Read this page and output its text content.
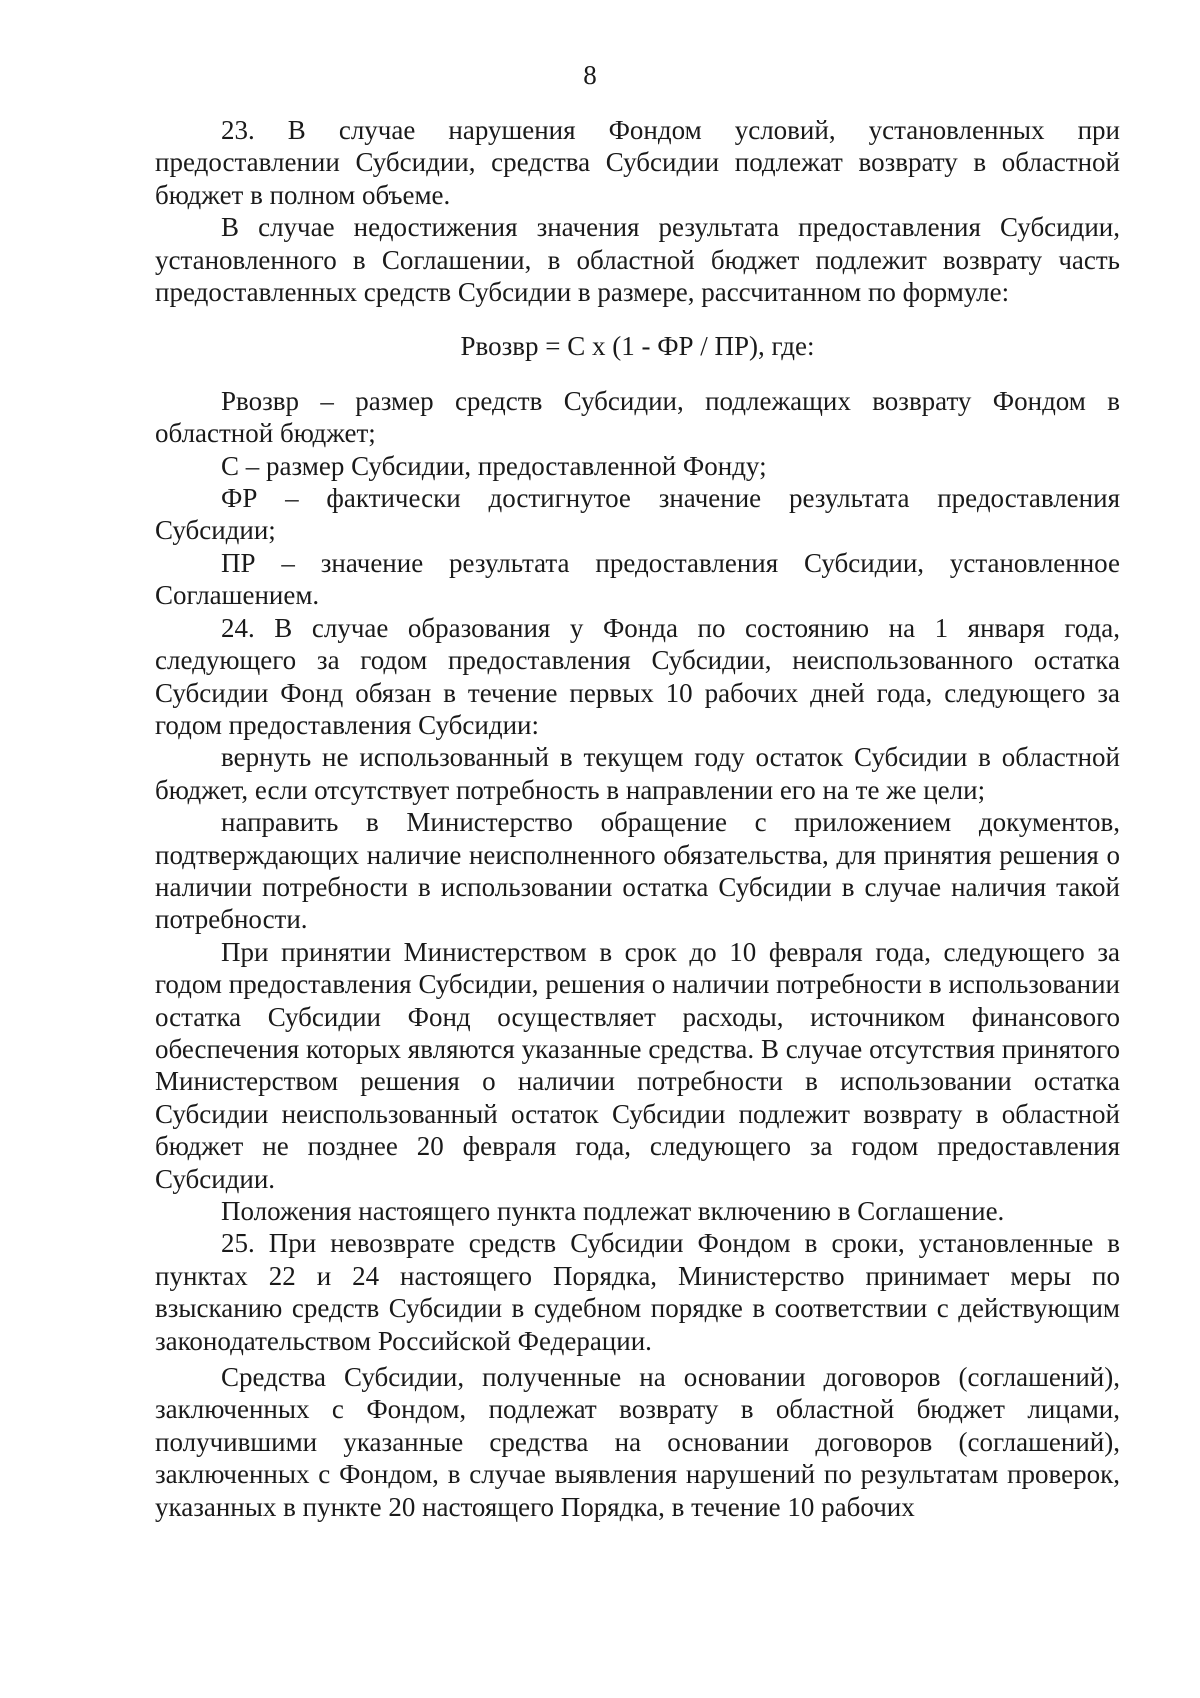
8

23. В случае нарушения Фондом условий, установленных при предоставлении Субсидии, средства Субсидии подлежат возврату в областной бюджет в полном объеме.

В случае недостижения значения результата предоставления Субсидии, установленного в Соглашении, в областной бюджет подлежит возврату часть предоставленных средств Субсидии в размере, рассчитанном по формуле:

Рвозвр = С х (1 - ФР / ПР), где:

Рвозвр – размер средств Субсидии, подлежащих возврату Фондом в областной бюджет;

С – размер Субсидии, предоставленной Фонду;

ФР – фактически достигнутое значение результата предоставления Субсидии;

ПР – значение результата предоставления Субсидии, установленное Соглашением.

24. В случае образования у Фонда по состоянию на 1 января года, следующего за годом предоставления Субсидии, неиспользованного остатка Субсидии Фонд обязан в течение первых 10 рабочих дней года, следующего за годом предоставления Субсидии:

вернуть не использованный в текущем году остаток Субсидии в областной бюджет, если отсутствует потребность в направлении его на те же цели;

направить в Министерство обращение с приложением документов, подтверждающих наличие неисполненного обязательства, для принятия решения о наличии потребности в использовании остатка Субсидии в случае наличия такой потребности.

При принятии Министерством в срок до 10 февраля года, следующего за годом предоставления Субсидии, решения о наличии потребности в использовании остатка Субсидии Фонд осуществляет расходы, источником финансового обеспечения которых являются указанные средства. В случае отсутствия принятого Министерством решения о наличии потребности в использовании остатка Субсидии неиспользованный остаток Субсидии подлежит возврату в областной бюджет не позднее 20 февраля года, следующего за годом предоставления Субсидии.

Положения настоящего пункта подлежат включению в Соглашение.

25. При невозврате средств Субсидии Фондом в сроки, установленные в пунктах 22 и 24 настоящего Порядка, Министерство принимает меры по взысканию средств Субсидии в судебном порядке в соответствии с действующим законодательством Российской Федерации.

Средства Субсидии, полученные на основании договоров (соглашений), заключенных с Фондом, подлежат возврату в областной бюджет лицами, получившими указанные средства на основании договоров (соглашений), заключенных с Фондом, в случае выявления нарушений по результатам проверок, указанных в пункте 20 настоящего Порядка, в течение 10 рабочих
